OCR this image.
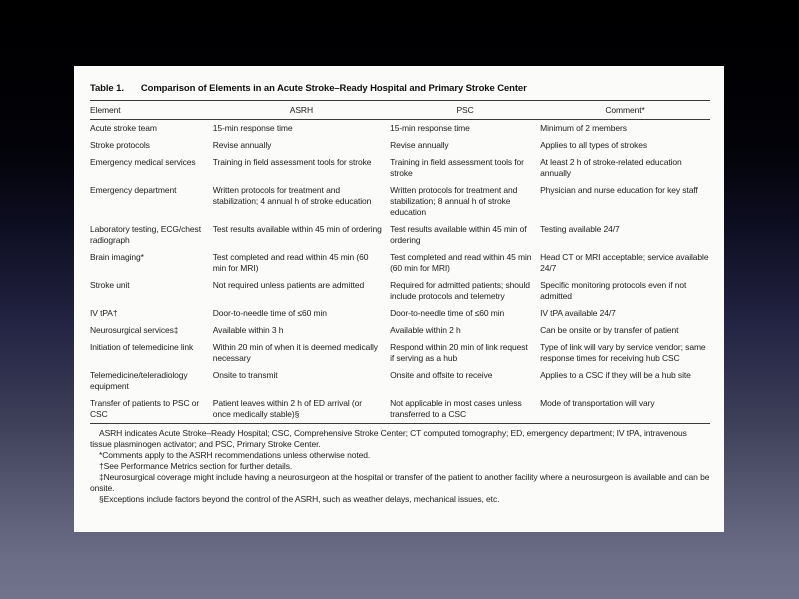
Table 1. Comparison of Elements in an Acute Stroke–Ready Hospital and Primary Stroke Center
Element	ASRH	PSC	Comment*
Acute stroke team	15-min response time	15-min response time	Minimum of 2 members
Stroke protocols	Revise annually	Revise annually	Applies to all types of strokes
Emergency medical services	Training in field assessment tools for stroke	Training in field assessment tools for stroke	At least 2 h of stroke-related education annually
Emergency department	Written protocols for treatment and stabilization; 4 annual h of stroke education	Written protocols for treatment and stabilization; 8 annual h of stroke education	Physician and nurse education for key staff
Laboratory testing, ECG/chest radiograph	Test results available within 45 min of ordering	Test results available within 45 min of ordering	Testing available 24/7
Brain imaging*	Test completed and read within 45 min (60 min for MRI)	Test completed and read within 45 min (60 min for MRI)	Head CT or MRI acceptable; service available 24/7
Stroke unit	Not required unless patients are admitted	Required for admitted patients; should include protocols and telemetry	Specific monitoring protocols even if not admitted
IV tPA†	Door-to-needle time of ≤60 min	Door-to-needle time of ≤60 min	IV tPA available 24/7
Neurosurgical services‡	Available within 3 h	Available within 2 h	Can be onsite or by transfer of patient
Initiation of telemedicine link	Within 20 min of when it is deemed medically necessary	Respond within 20 min of link request if serving as a hub	Type of link will vary by service vendor; same response times for receiving hub CSC
Telemedicine/teleradiology equipment	Onsite to transmit	Onsite and offsite to receive	Applies to a CSC if they will be a hub site
Transfer of patients to PSC or CSC	Patient leaves within 2 h of ED arrival (or once medically stable)§	Not applicable in most cases unless transferred to a CSC	Mode of transportation will vary

ASRH indicates Acute Stroke–Ready Hospital; CSC, Comprehensive Stroke Center; CT computed tomography; ED, emergency department; IV tPA, intravenous tissue plasminogen activator; and PSC, Primary Stroke Center.

*Comments apply to the ASRH recommendations unless otherwise noted.

†See Performance Metrics section for further details.

‡Neurosurgical coverage might include having a neurosurgeon at the hospital or transfer of the patient to another facility where a neurosurgeon is available and can be onsite.

§Exceptions include factors beyond the control of the ASRH, such as weather delays, mechanical issues, etc.
